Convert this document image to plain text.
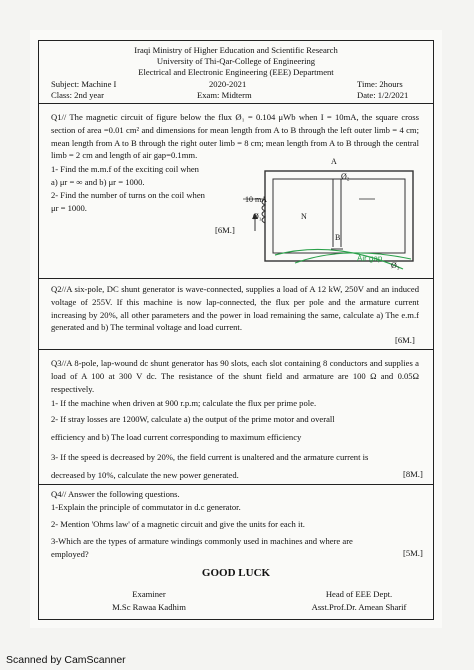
Iraqi Ministry of Higher Education and Scientific Research
University of Thi-Qar-College of Engineering
Electrical and Electronic Engineering (EEE) Department
Subject: Machine I	2020-2021	Time: 2hours
Class: 2nd year	Exam: Midterm	Date: 1/2/2021
Q1// The magnetic circuit of figure below the flux Ø₁ = 0.104 μWb when I = 10mA, the square cross section of area =0.01 cm² and dimensions for mean length from A to B through the left outer limb = 4 cm; mean length from A to B through the right outer limb = 8 cm; mean length from A to B through the central limb = 2 cm and length of air gap=0.1mm.
1- Find the m.m.f of the exciting coil when
a) μr = ∞ and b) μr = 1000.
2- Find the number of turns on the coil when
μr = 1000.
[6M.]
A
B
Ø₂
Ø₁
Ø₃
10 mA
N
Air gap
Q2//A six-pole, DC shunt generator is wave-connected, supplies a load of A 12 kW, 250V and an induced voltage of 255V. If this machine is now lap-connected, the flux per pole and the armature current increasing by 20%, all other parameters and the power in load remaining the same, calculate a) The e.m.f generated and b) The terminal voltage and load current.
[6M.]
Q3//A 8-pole, lap-wound dc shunt generator has 90 slots, each slot containing 8 conductors and supplies a load of A 100 at 300 V dc. The resistance of the shunt field and armature are 100 Ω and 0.05Ω respectively.
1- If the machine when driven at 900 r.p.m; calculate the flux per prime pole.
2- If stray losses are 1200W, calculate a) the output of the prime motor and overall
efficiency and b) The load current corresponding to maximum efficiency
3- If the speed is decreased by 20%, the field current is unaltered and the armature current is
decreased by 10%, calculate the new power generated.	[8M.]
Q4// Answer the following questions.
1-Explain the principle of commutator in d.c generator.
2- Mention 'Ohms law' of a magnetic circuit and give the units for each it.
3-Which are the types of armature windings commonly used in machines and where are employed?	[5M.]
GOOD LUCK
Examiner
M.Sc Rawaa Kadhim
Head of EEE Dept.
Asst.Prof.Dr. Amean Sharif
Scanned by CamScanner
